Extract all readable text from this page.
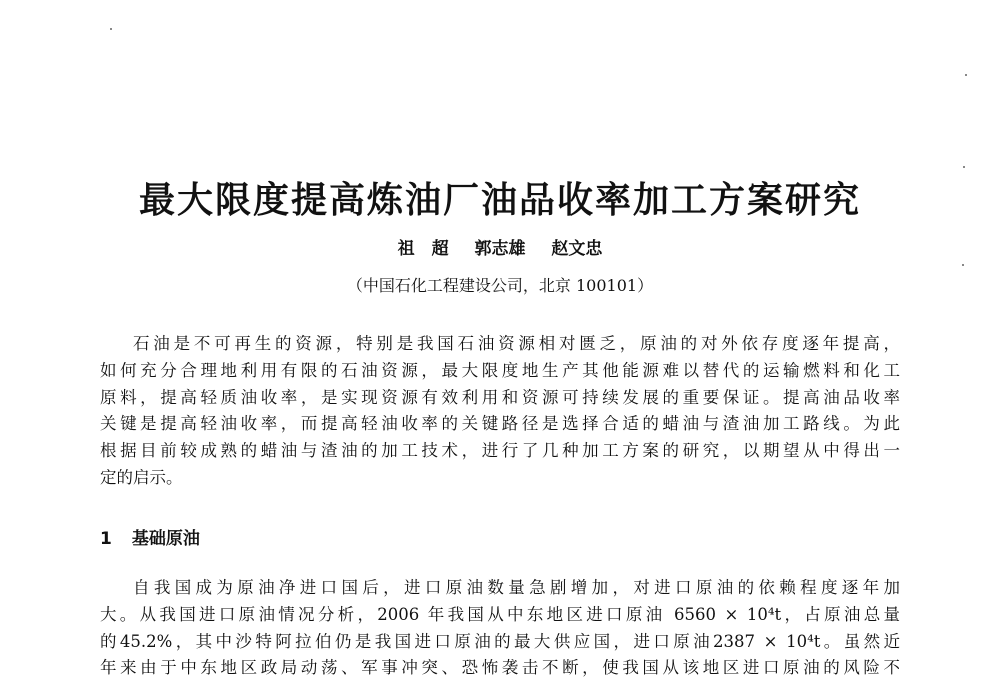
最大限度提高炼油厂油品收率加工方案研究
祖　超 郭志雄 赵文忠
（中国石化工程建设公司，北京 100101）
石油是不可再生的资源，特别是我国石油资源相对匮乏，原油的对外依存度逐年提高，
如何充分合理地利用有限的石油资源，最大限度地生产其他能源难以替代的运输燃料和化工
原料，提高轻质油收率，是实现资源有效利用和资源可持续发展的重要保证。提高油品收率
关键是提高轻油收率，而提高轻油收率的关键路径是选择合适的蜡油与渣油加工路线。为此
根据目前较成熟的蜡油与渣油的加工技术，进行了几种加工方案的研究，以期望从中得出一
定的启示。
1 基础原油
自我国成为原油净进口国后，进口原油数量急剧增加，对进口原油的依赖程度逐年加
大。从我国进口原油情况分析，2006 年我国从中东地区进口原油 6560 × 10⁴t，占原油总量
的45.2%，其中沙特阿拉伯仍是我国进口原油的最大供应国，进口原油2387 × 10⁴t。虽然近
年来由于中东地区政局动荡、军事冲突、恐怖袭击不断，使我国从该地区进口原油的风险不
